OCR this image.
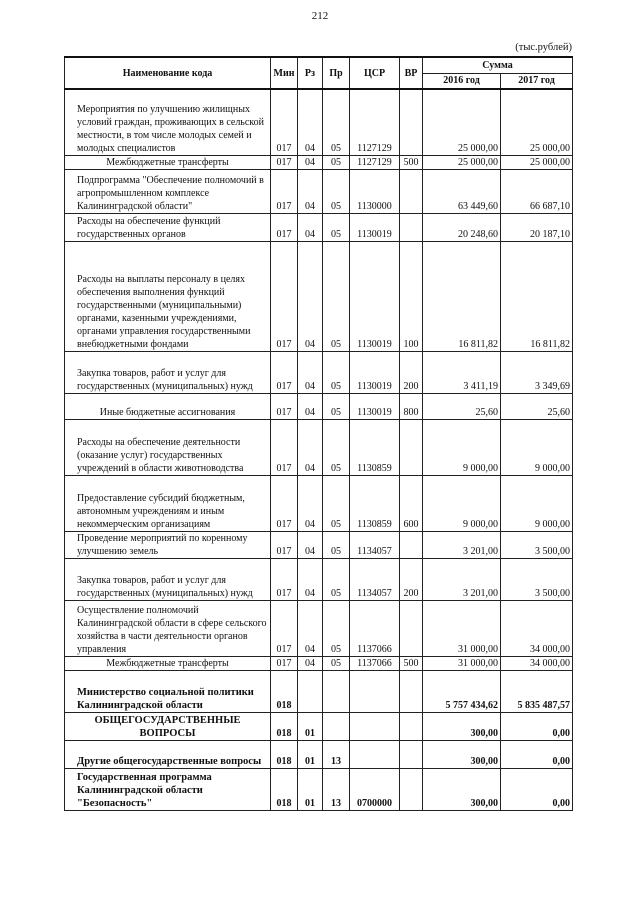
212
(тыс.рублей)
Наименование кода	Мин	Рз	Пр	ЦСР	ВР	Сумма	
						2016 год	2017 год
Мероприятия по улучшению жилищных условий граждан, проживающих в сельской местности, в том числе молодых семей и молодых специалистов	017	04	05	1127129		25 000,00	25 000,00
Межбюджетные трансферты	017	04	05	1127129	500	25 000,00	25 000,00
Подпрограмма "Обеспечение полномочий в агропромышленном комплексе Калининградской области"	017	04	05	1130000		63 449,60	66 687,10
Расходы на обеспечение функций государственных органов	017	04	05	1130019		20 248,60	20 187,10
Расходы на выплаты персоналу в целях обеспечения выполнения функций государственными (муниципальными) органами, казенными учреждениями, органами управления государственными внебюджетными фондами	017	04	05	1130019	100	16 811,82	16 811,82
Закупка товаров, работ и услуг для государственных (муниципальных) нужд	017	04	05	1130019	200	3 411,19	3 349,69
Иные бюджетные ассигнования	017	04	05	1130019	800	25,60	25,60
Расходы на обеспечение деятельности (оказание услуг) государственных учреждений в области животноводства	017	04	05	1130859		9 000,00	9 000,00
Предоставление субсидий бюджетным, автономным учреждениям и иным некоммерческим организациям	017	04	05	1130859	600	9 000,00	9 000,00
Проведение мероприятий по коренному улучшению земель	017	04	05	1134057		3 201,00	3 500,00
Закупка товаров, работ и услуг для государственных (муниципальных) нужд	017	04	05	1134057	200	3 201,00	3 500,00
Осуществление полномочий Калининградской области в сфере сельского хозяйства в части деятельности органов управления	017	04	05	1137066		31 000,00	34 000,00
Межбюджетные трансферты	017	04	05	1137066	500	31 000,00	34 000,00
Министерство социальной политики Калининградской области	018					5 757 434,62	5 835 487,57
ОБЩЕГОСУДАРСТВЕННЫЕ ВОПРОСЫ	018	01				300,00	0,00
Другие общегосударственные вопросы	018	01	13			300,00	0,00
Государственная программа Калининградской области "Безопасность"	018	01	13	0700000		300,00	0,00
